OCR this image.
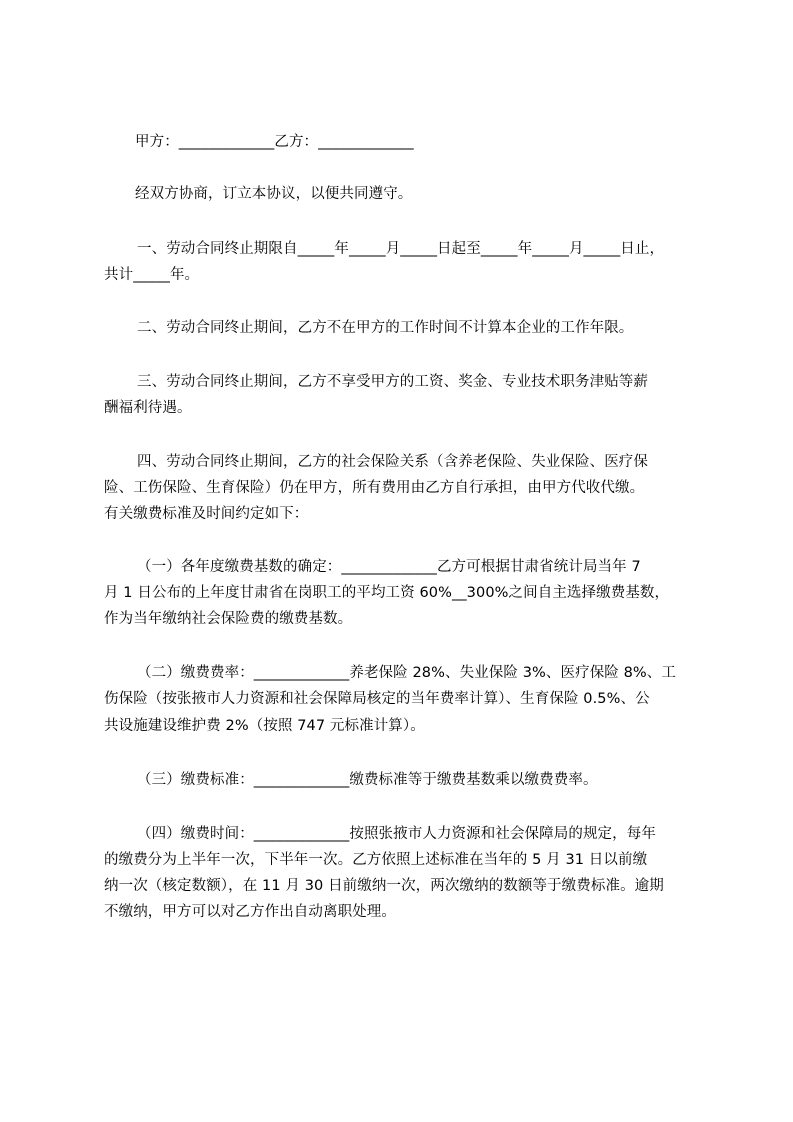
甲方：_____________乙方：_____________
经双方协商，订立本协议，以便共同遵守。
一、劳动合同终止期限自_____年_____月_____日起至_____年_____月_____日止，
共计_____年。
二、劳动合同终止期间，乙方不在甲方的工作时间不计算本企业的工作年限。
三、劳动合同终止期间，乙方不享受甲方的工资、奖金、专业技术职务津贴等薪
酬福利待遇。
四、劳动合同终止期间，乙方的社会保险关系（含养老保险、失业保险、医疗保
险、工伤保险、生育保险）仍在甲方，所有费用由乙方自行承担，由甲方代收代缴。
有关缴费标准及时间约定如下：
（一）各年度缴费基数的确定：_____________乙方可根据甘肃省统计局当年 7
月 1 日公布的上年度甘肃省在岗职工的平均工资 60%__300%之间自主选择缴费基数，
作为当年缴纳社会保险费的缴费基数。
（二）缴费费率：_____________养老保险 28%、失业保险 3%、医疗保险 8%、工
伤保险（按张掖市人力资源和社会保障局核定的当年费率计算）、生育保险 0.5%、公
共设施建设维护费 2%（按照 747 元标准计算）。
（三）缴费标准：_____________缴费标准等于缴费基数乘以缴费费率。
（四）缴费时间：_____________按照张掖市人力资源和社会保障局的规定，每年
的缴费分为上半年一次，下半年一次。乙方依照上述标准在当年的 5 月 31 日以前缴
纳一次（核定数额），在 11 月 30 日前缴纳一次，两次缴纳的数额等于缴费标准。逾期
不缴纳，甲方可以对乙方作出自动离职处理。
